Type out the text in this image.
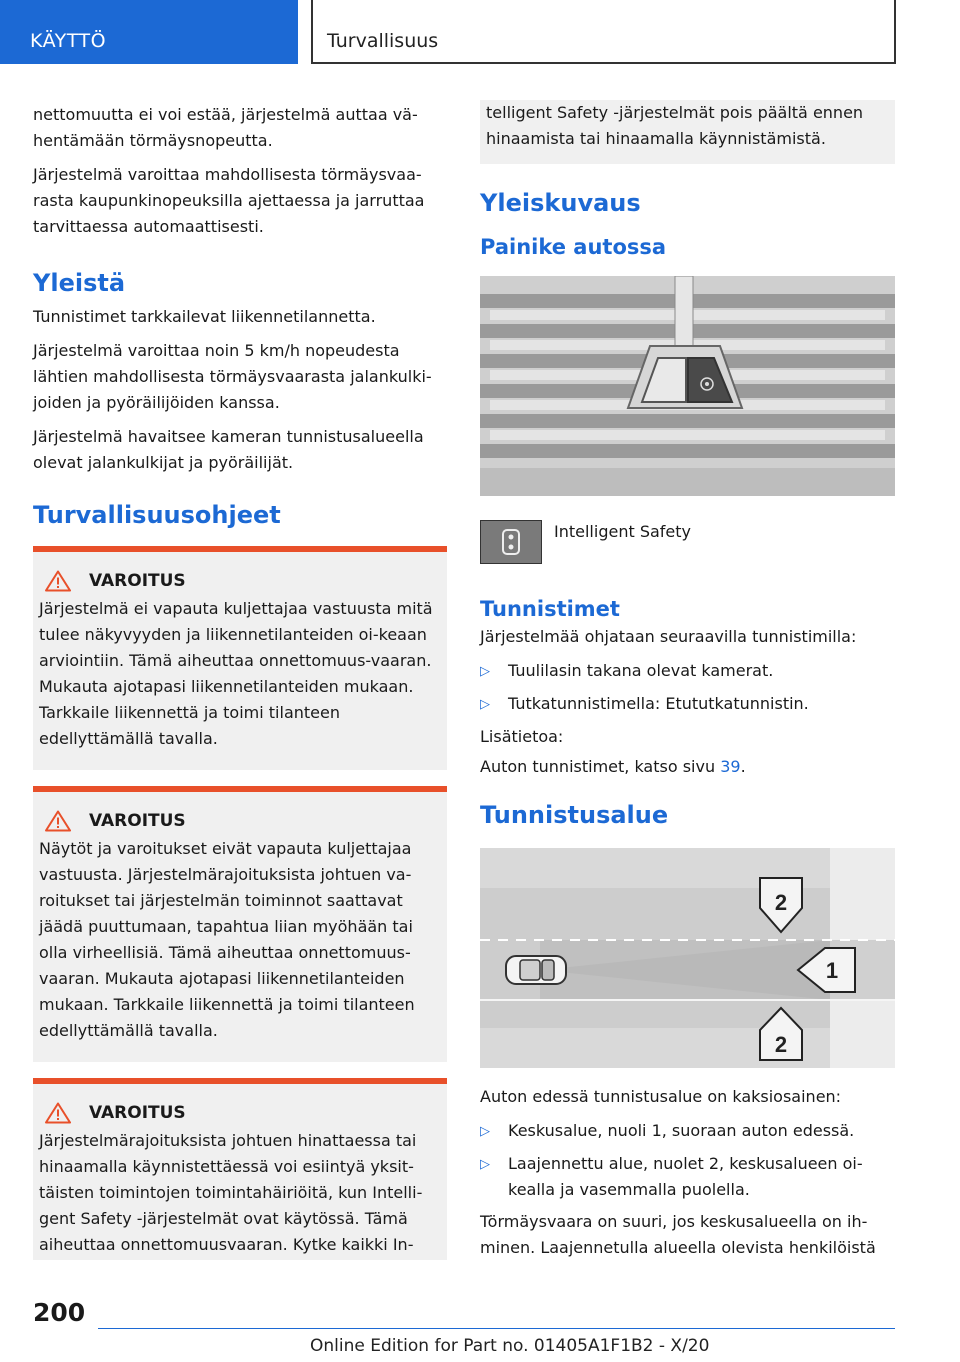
KÄYTTÖ	Turvallisuus

nettomuutta ei voi estää, järjestelmä auttaa vä-hentämään törmäysnopeutta.

Järjestelmä varoittaa mahdollisesta törmäysvaa-rasta kaupunkinopeuksilla ajettaessa ja jarruttaa tarvittaessa automaattisesti.

Yleistä

Tunnistimet tarkkailevat liikennetilannetta.

Järjestelmä varoittaa noin 5 km/h nopeudesta lähtien mahdollisesta törmäysvaarasta jalankulki-joiden ja pyöräilijöiden kanssa.

Järjestelmä havaitsee kameran tunnistusalueella olevat jalankulkijat ja pyöräilijät.

Turvallisuusohjeet
VAROITUS

Järjestelmä ei vapauta kuljettajaa vastuusta mitä tulee näkyvyyden ja liikennetilanteiden oi-keaan arviointiin. Tämä aiheuttaa onnettomuus-vaaran. Mukauta ajotapasi liikennetilanteiden mukaan. Tarkkaile liikennettä ja toimi tilanteen edellyttämällä tavalla.

VAROITUS

Näytöt ja varoitukset eivät vapauta kuljettajaa vastuusta. Järjestelmärajoituksista johtuen va-roitukset tai järjestelmän toiminnot saattavat jäädä puuttumaan, tapahtua liian myöhään tai olla virheellisiä. Tämä aiheuttaa onnettomuus-vaaran. Mukauta ajotapasi liikennetilanteiden mukaan. Tarkkaile liikennettä ja toimi tilanteen edellyttämällä tavalla.

VAROITUS

Järjestelmärajoituksista johtuen hinattaessa tai hinaamalla käynnistettäessä voi esiintyä yksit-täisten toimintojen toimintahäiriöitä, kun Intelli-gent Safety -järjestelmät ovat käytössä. Tämä aiheuttaa onnettomuusvaaran. Kytke kaikki In-

telligent Safety -järjestelmät pois päältä ennen hinaamista tai hinaamalla käynnistämistä.

Yleiskuvaus
Painike autossa
Intelligent Safety
Tunnistimet

Järjestelmää ohjataan seuraavilla tunnistimilla:

▷	Tuulilasin takana olevat kamerat.
▷	Tutkatunnistimella: Etututkatunnistin.

Lisätietoa:

Auton tunnistimet, katso sivu 39.

Tunnistusalue
2
1
2

Auton edessä tunnistusalue on kaksiosainen:

▷	Keskusalue, nuoli 1, suoraan auton edessä.
▷	Laajennettu alue, nuolet 2, keskusalueen oi-kealla ja vasemmalla puolella.

Törmäysvaara on suuri, jos keskusalueella on ih-minen. Laajennetulla alueella olevista henkilöistä

200
Online Edition for Part no. 01405A1F1B2 - X/20
